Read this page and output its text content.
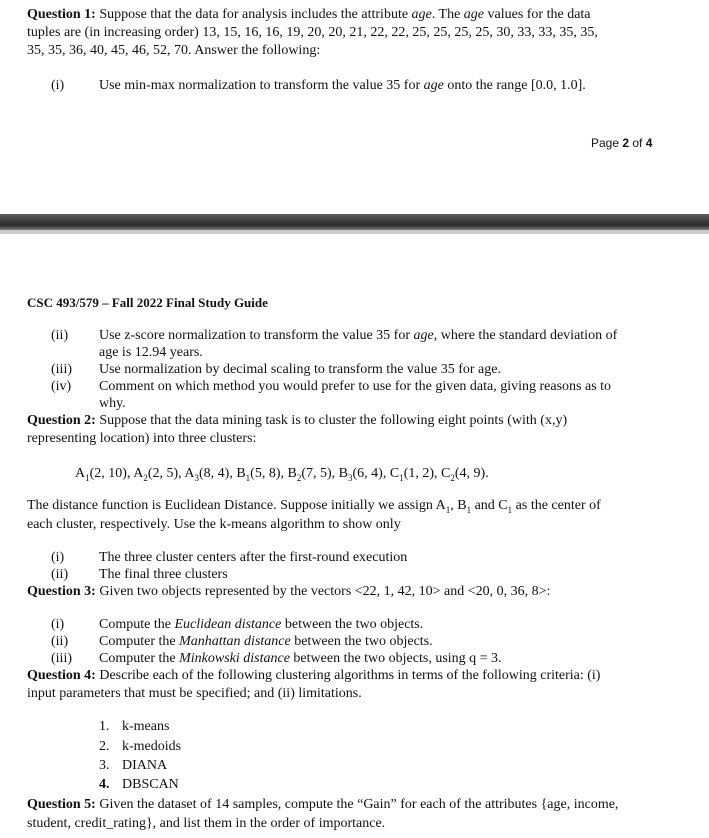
Question 1: Suppose that the data for analysis includes the attribute age. The age values for the data
tuples are (in increasing order) 13, 15, 16, 16, 19, 20, 20, 21, 22, 22, 25, 25, 25, 25, 30, 33, 33, 35, 35,
35, 35, 36, 40, 45, 46, 52, 70. Answer the following:
(i) Use min-max normalization to transform the value 35 for age onto the range [0.0, 1.0].
Page 2 of 4
CSC 493/579 – Fall 2022 Final Study Guide
(ii) Use z-score normalization to transform the value 35 for age, where the standard deviation of
age is 12.94 years.
(iii) Use normalization by decimal scaling to transform the value 35 for age.
(iv) Comment on which method you would prefer to use for the given data, giving reasons as to
why.
Question 2: Suppose that the data mining task is to cluster the following eight points (with (x,y)
representing location) into three clusters:
$A_1(2$, 10), $A_2(2$, 5), $A_3(8$, 4), $B_1(5$, 8), $B_2(7$, 5), $B_3(6$, 4), $C_1(1$, 2), $C_2(4$, 9).
The distance function is Euclidean Distance. Suppose initially we assign $A_1$, $B_1$ and $C_1$ as the center of
each cluster, respectively. Use the k-means algorithm to show only
(i) The three cluster centers after the first-round execution
(ii) The final three clusters
Question 3: Given two objects represented by the vectors <22, 1, 42, 10> and <20, 0, 36, 8>:
(i) Compute the Euclidean distance between the two objects.
(ii) Computer the Manhattan distance between the two objects.
(iii) Computer the Minkowski distance between the two objects, using q = 3.
Question 4: Describe each of the following clustering algorithms in terms of the following criteria: (i)
input parameters that must be specified; and (ii) limitations.
1. k-means
2. k-medoids
3. DIANA
4. DBSCAN
Question 5: Given the dataset of 14 samples, compute the “Gain” for each of the attributes {age, income,
student, credit_rating}, and list them in the order of importance.
